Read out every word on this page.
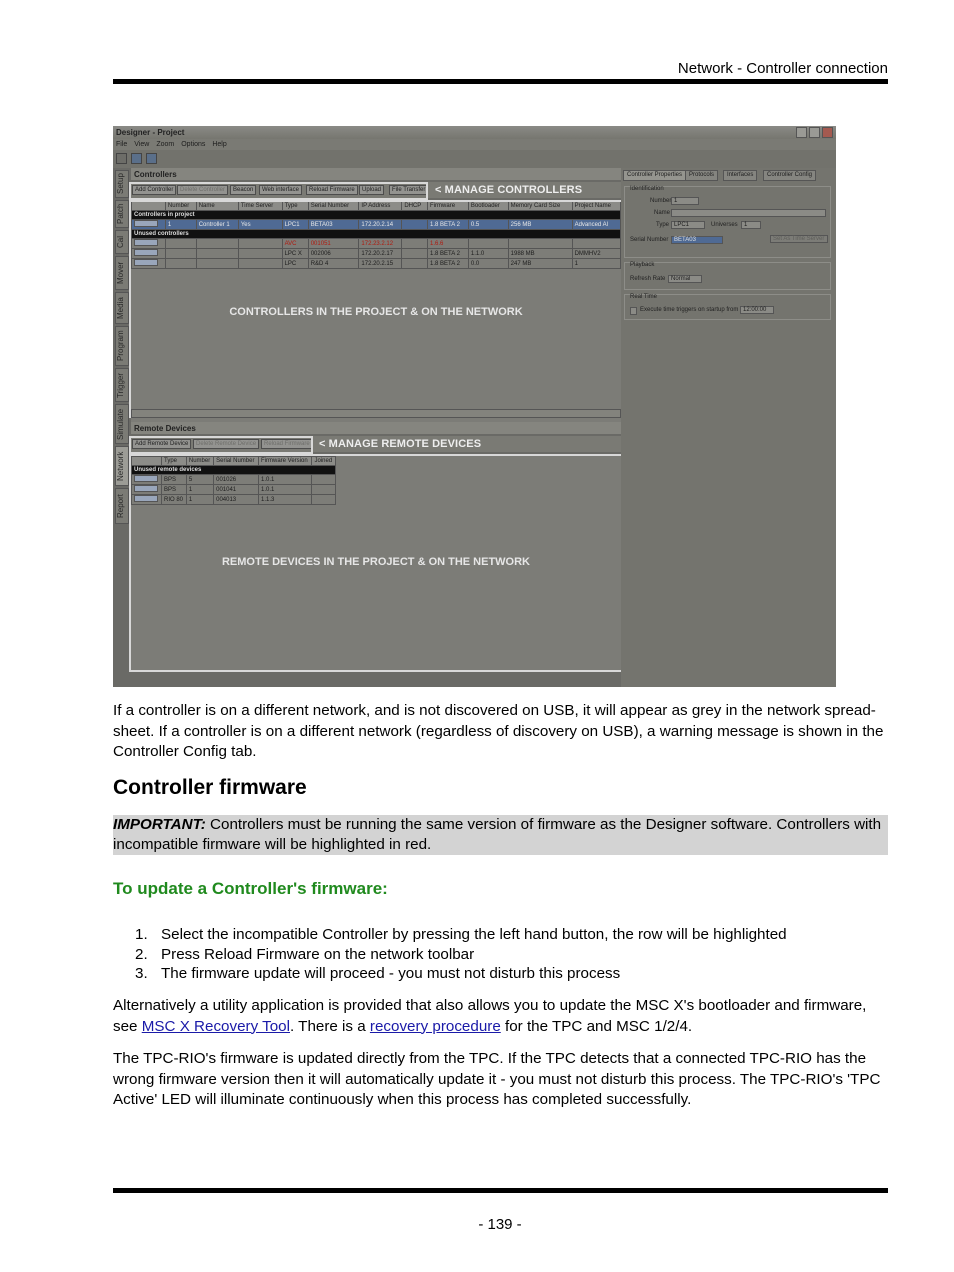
Network - Controller connection
Designer - Project
File View Zoom Options Help
Setup
Patch
Cal
Mover
Media
Program
Trigger
Simulate
Network
Report
Controllers
Add Controller	Delete Controller	Beacon	Web interface	Reload Firmware	Upload	File Transfer < MANAGE CONTROLLERS
	Number	Name	Time Server	Type	Serial Number	IP Address	DHCP	Firmware	Bootloader	Memory Card Size	Project Name
Controllers in project											
	1	Controller 1	Yes	LPC1	BETA03	172.20.2.14		1.8 BETA 2	0.5	256 MB	Advanced Al
Unused controllers											
				AVC	001051	172.23.2.12		1.6.6			
				LPC X	002006	172.20.2.17		1.8 BETA 2	1.1.0	1988 MB	DMMHV2
				LPC	R&D 4	172.20.2.15		1.8 BETA 2	0.0	247 MB	1
CONTROLLERS IN THE PROJECT & ON THE NETWORK
Remote Devices
Add Remote Device	Delete Remote Device	Reload Firmware < MANAGE REMOTE DEVICES
	Type	Number	Serial Number	Firmware Version	Joined
Unused remote devices					
	BPS	5	001026	1.0.1	
	BPS	1	001041	1.0.1	
	RIO 80	1	004013	1.1.3	
REMOTE DEVICES IN THE PROJECT & ON THE NETWORK
Controller Properties	Protocols	Interfaces	Controller Config
Identification
Number 1
Name
Type LPC1	Universes	1
Serial Number BETA03	Set As Time Server
Playback
Refresh Rate Normal
Real Time
Execute time triggers on startup from 12:00:00
If a controller is on a different network, and is not discovered on USB, it will appear as grey in the network spread-sheet. If a controller is on a different network (regardless of discovery on USB), a warning message is shown in the Controller Config tab.
Controller firmware
IMPORTANT: Controllers must be running the same version of firmware as the Designer software. Controllers with incompatible firmware will be highlighted in red.
To update a Controller's firmware:
1. Select the incompatible Controller by pressing the left hand button, the row will be highlighted
2. Press Reload Firmware on the network toolbar
3. The firmware update will proceed - you must not disturb this process
Alternatively a utility application is provided that also allows you to update the MSC X's bootloader and firmware, see MSC X Recovery Tool. There is a recovery procedure for the TPC and MSC 1/2/4.
The TPC-RIO's firmware is updated directly from the TPC. If the TPC detects that a connected TPC-RIO has the wrong firmware version then it will automatically update it - you must not disturb this process. The TPC-RIO's 'TPC Active' LED will illuminate continuously when this process has completed successfully.
- 139 -
